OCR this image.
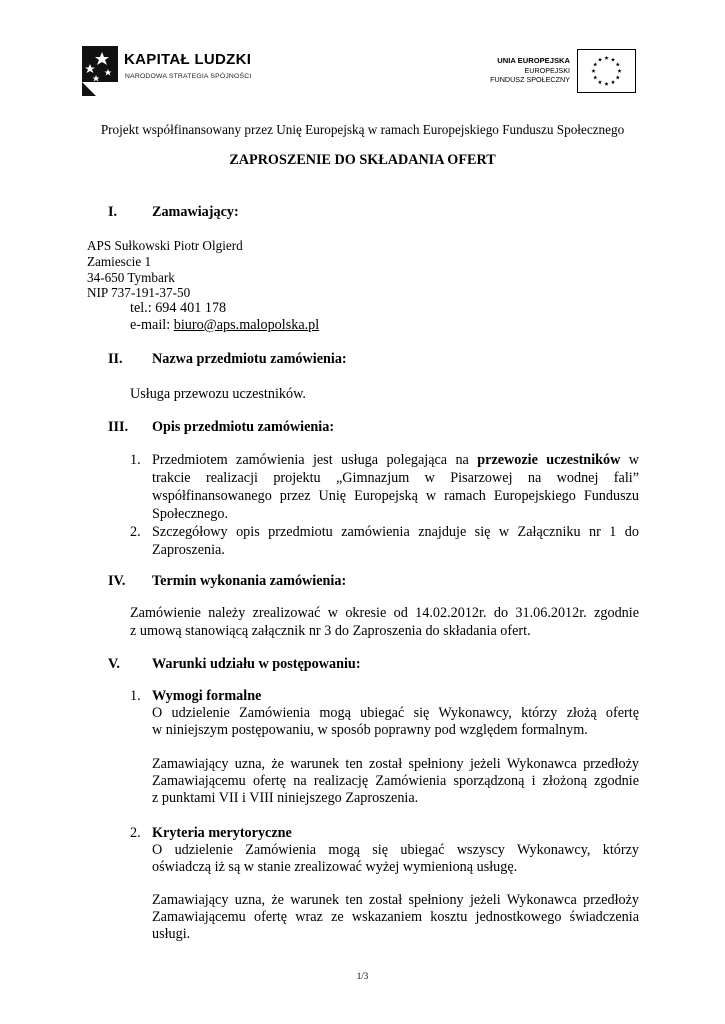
KAPITAŁ LUDZKI
NARODOWA STRATEGIA SPÓJNOŚCI
UNIA EUROPEJSKA
EUROPEJSKI
FUNDUSZ SPOŁECZNY
Projekt współfinansowany przez Unię Europejską w ramach Europejskiego Funduszu Społecznego
ZAPROSZENIE DO SKŁADANIA OFERT
I. Zamawiający:
APS Sułkowski Piotr Olgierd
Zamiescie 1
34-650 Tymbark
NIP 737-191-37-50
tel.: 694 401 178
e-mail: biuro@aps.malopolska.pl
II. Nazwa przedmiotu zamówienia:
Usługa przewozu uczestników.
III. Opis przedmiotu zamówienia:
1. Przedmiotem zamówienia jest usługa polegająca na przewozie uczestników w
trakcie realizacji projektu „Gimnazjum w Pisarzowej na wodnej fali”
współfinansowanego przez Unię Europejską w ramach Europejskiego Funduszu
Społecznego.
2. Szczegółowy opis przedmiotu zamówienia znajduje się w Załączniku nr 1 do
Zaproszenia.
IV. Termin wykonania zamówienia:
Zamówienie należy zrealizować w okresie od 14.02.2012r. do 31.06.2012r. zgodnie
z umową stanowiącą załącznik nr 3 do Zaproszenia do składania ofert.
V. Warunki udziału w postępowaniu:
1. Wymogi formalne
O udzielenie Zamówienia mogą ubiegać się Wykonawcy, którzy złożą ofertę
w niniejszym postępowaniu, w sposób poprawny pod względem formalnym.
Zamawiający uzna, że warunek ten został spełniony jeżeli Wykonawca przedłoży
Zamawiającemu ofertę na realizację Zamówienia sporządzoną i złożoną zgodnie
z punktami VII i VIII niniejszego Zaproszenia.
2. Kryteria merytoryczne
O udzielenie Zamówienia mogą się ubiegać wszyscy Wykonawcy, którzy
oświadczą iż są w stanie zrealizować wyżej wymienioną usługę.
Zamawiający uzna, że warunek ten został spełniony jeżeli Wykonawca przedłoży
Zamawiającemu ofertę wraz ze wskazaniem kosztu jednostkowego świadczenia
usługi.
1/3
